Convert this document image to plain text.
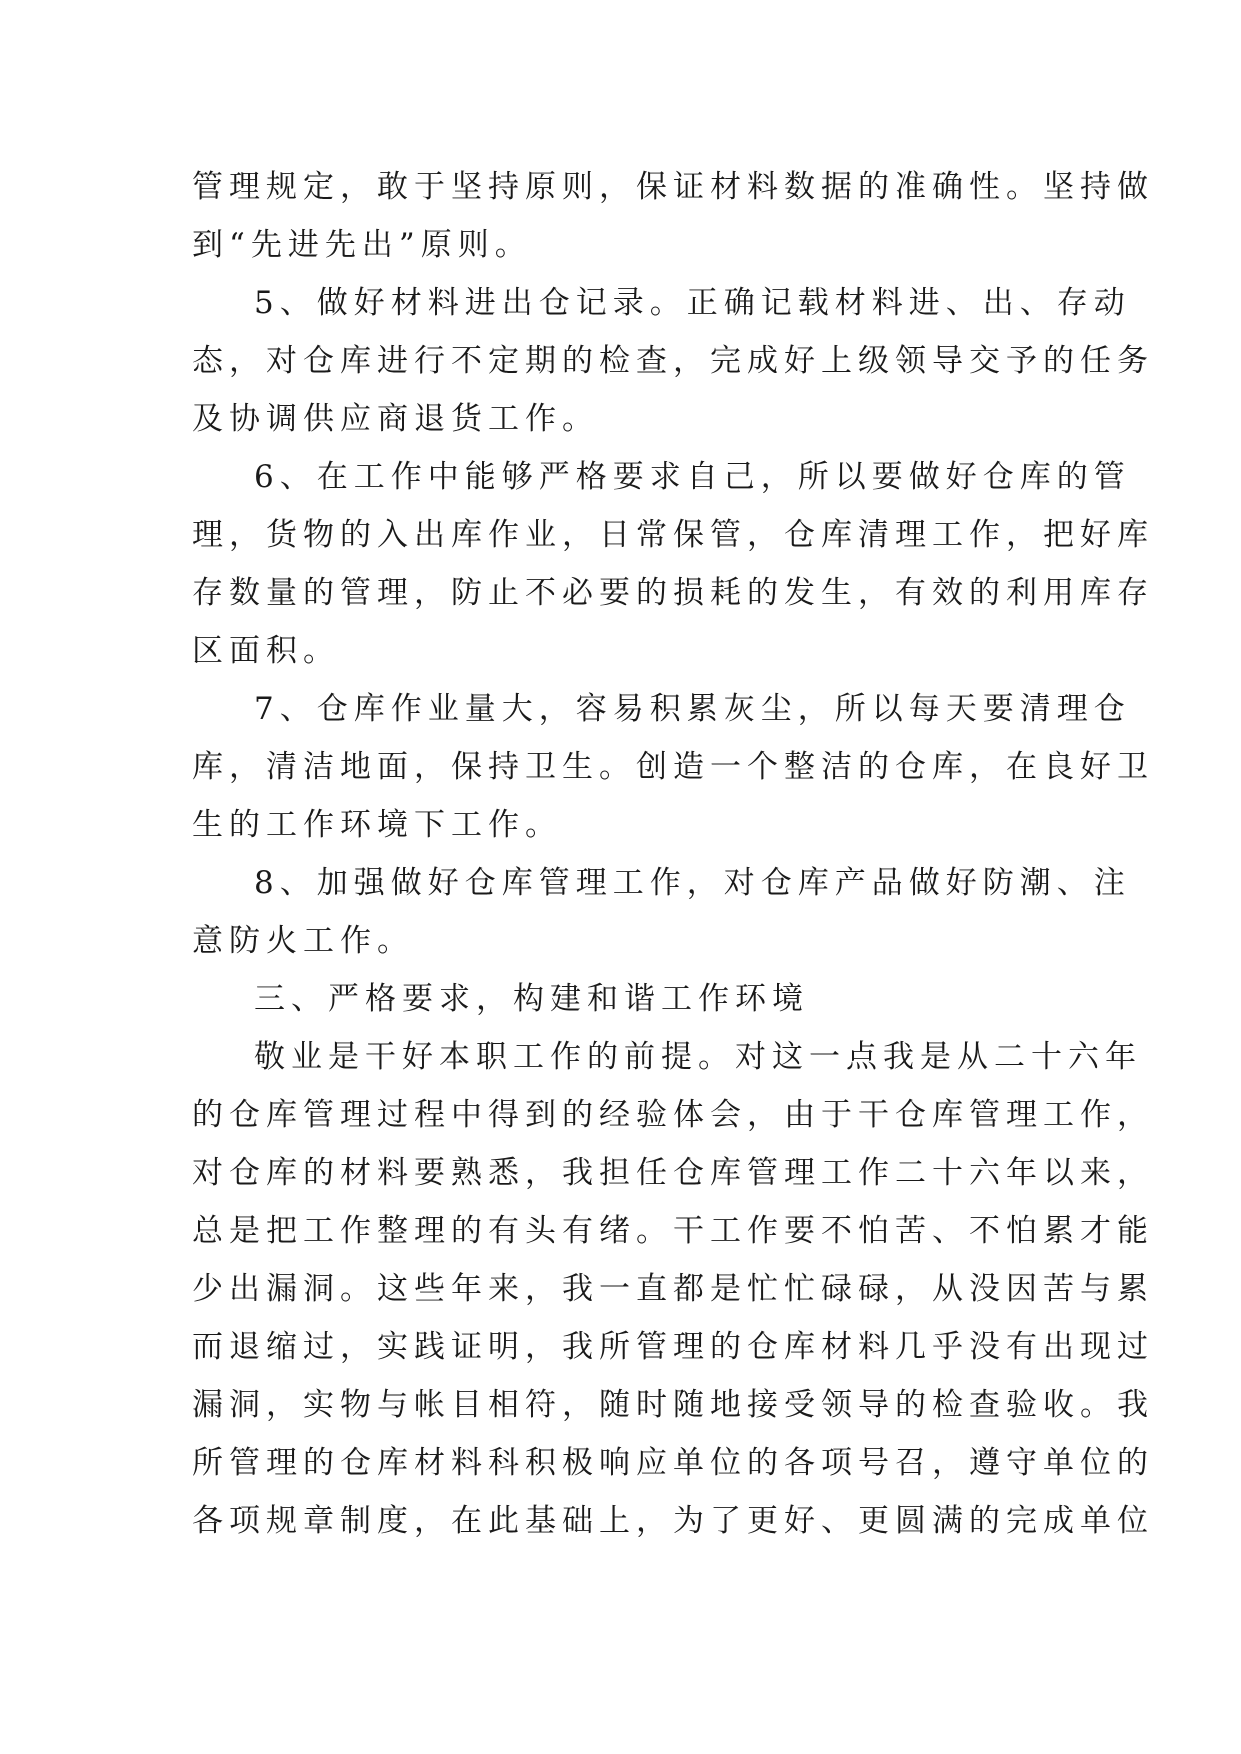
管理规定，敢于坚持原则，保证材料数据的准确性。坚持做
到“先进先出”原则。
5、做好材料进出仓记录。正确记载材料进、出、存动
态，对仓库进行不定期的检查，完成好上级领导交予的任务
及协调供应商退货工作。
6、在工作中能够严格要求自己，所以要做好仓库的管
理，货物的入出库作业，日常保管，仓库清理工作，把好库
存数量的管理，防止不必要的损耗的发生，有效的利用库存
区面积。
7、仓库作业量大，容易积累灰尘，所以每天要清理仓
库，清洁地面，保持卫生。创造一个整洁的仓库，在良好卫
生的工作环境下工作。
8、加强做好仓库管理工作，对仓库产品做好防潮、注
意防火工作。
三、严格要求，构建和谐工作环境
敬业是干好本职工作的前提。对这一点我是从二十六年
的仓库管理过程中得到的经验体会，由于干仓库管理工作，
对仓库的材料要熟悉，我担任仓库管理工作二十六年以来，
总是把工作整理的有头有绪。干工作要不怕苦、不怕累才能
少出漏洞。这些年来，我一直都是忙忙碌碌，从没因苦与累
而退缩过，实践证明，我所管理的仓库材料几乎没有出现过
漏洞，实物与帐目相符，随时随地接受领导的检查验收。我
所管理的仓库材料科积极响应单位的各项号召，遵守单位的
各项规章制度，在此基础上，为了更好、更圆满的完成单位
